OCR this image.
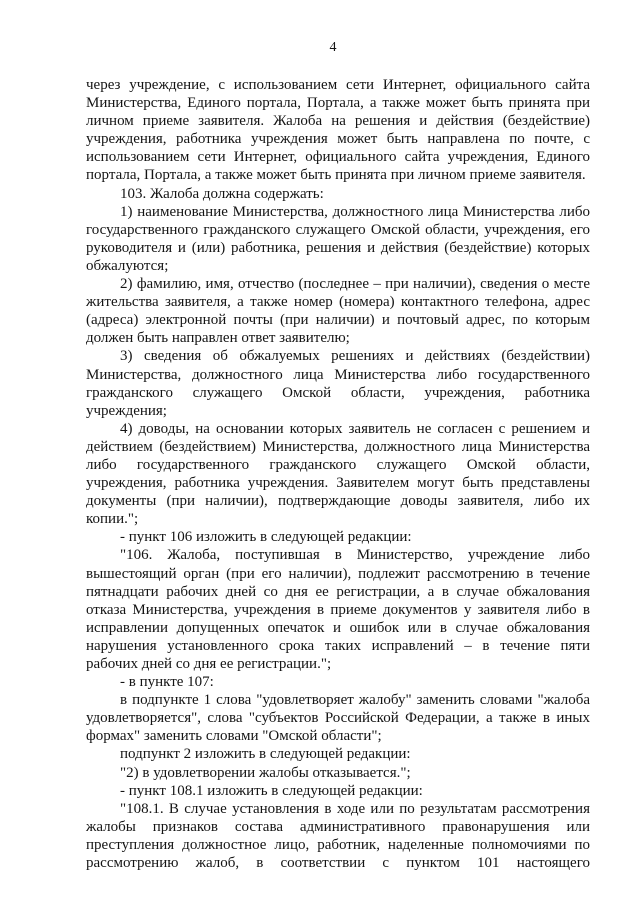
4

через учреждение, с использованием сети Интернет, официального сайта Министерства, Единого портала, Портала, а также может быть принята при личном приеме заявителя. Жалоба на решения и действия (бездействие) учреждения, работника учреждения может быть направлена по почте, с использованием сети Интернет, официального сайта учреждения, Единого портала, Портала, а также может быть принята при личном приеме заявителя.

103. Жалоба должна содержать:

1) наименование Министерства, должностного лица Министерства либо государственного гражданского служащего Омской области, учреждения, его руководителя и (или) работника, решения и действия (бездействие) которых обжалуются;

2) фамилию, имя, отчество (последнее – при наличии), сведения о месте жительства заявителя, а также номер (номера) контактного телефона, адрес (адреса) электронной почты (при наличии) и почтовый адрес, по которым должен быть направлен ответ заявителю;

3) сведения об обжалуемых решениях и действиях (бездействии) Министерства, должностного лица Министерства либо государственного гражданского служащего Омской области, учреждения, работника учреждения;

4) доводы, на основании которых заявитель не согласен с решением и действием (бездействием) Министерства, должностного лица Министерства либо государственного гражданского служащего Омской области, учреждения, работника учреждения. Заявителем могут быть представлены документы (при наличии), подтверждающие доводы заявителя, либо их копии.";

- пункт 106 изложить в следующей редакции:

"106. Жалоба, поступившая в Министерство, учреждение либо вышестоящий орган (при его наличии), подлежит рассмотрению в течение пятнадцати рабочих дней со дня ее регистрации, а в случае обжалования отказа Министерства, учреждения в приеме документов у заявителя либо в исправлении допущенных опечаток и ошибок или в случае обжалования нарушения установленного срока таких исправлений – в течение пяти рабочих дней со дня ее регистрации.";

- в пункте 107:

в подпункте 1 слова "удовлетворяет жалобу" заменить словами "жалоба удовлетворяется", слова "субъектов Российской Федерации, а также в иных формах" заменить словами "Омской области";

подпункт 2 изложить в следующей редакции:

"2) в удовлетворении жалобы отказывается.";

- пункт 108.1 изложить в следующей редакции:

"108.1. В случае установления в ходе или по результатам рассмотрения жалобы признаков состава административного правонарушения или преступления должностное лицо, работник, наделенные полномочиями по рассмотрению жалоб, в соответствии с пунктом 101 настоящего
